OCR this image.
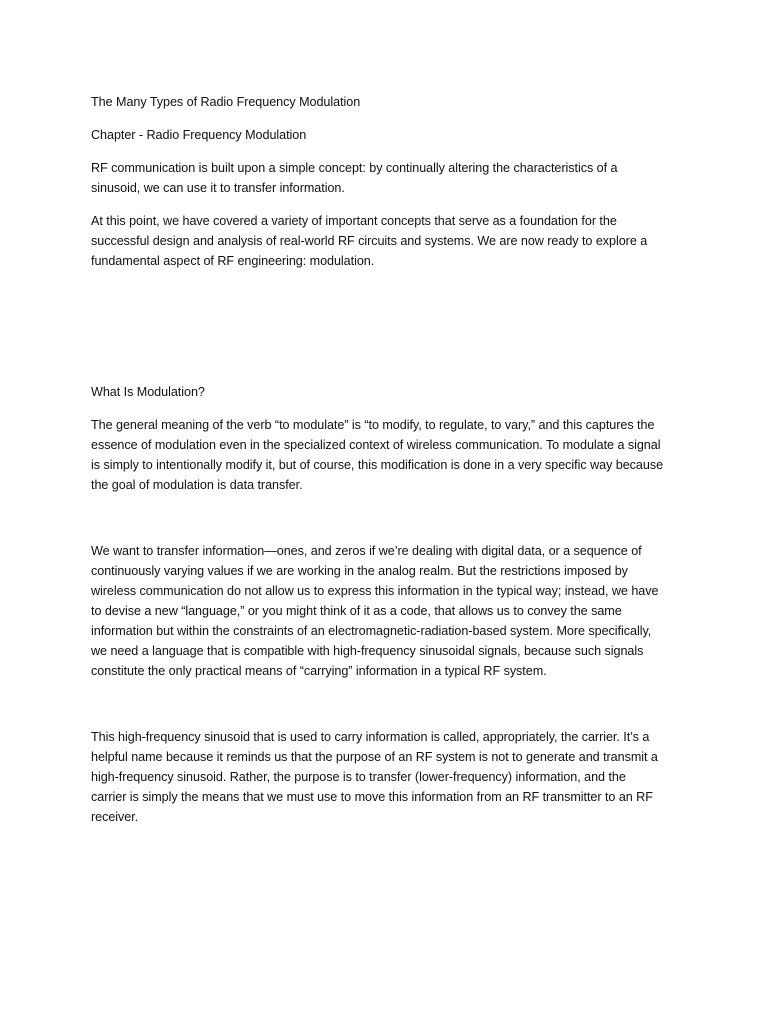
The Many Types of Radio Frequency Modulation

Chapter - Radio Frequency Modulation

RF communication is built upon a simple concept: by continually altering the characteristics of a
sinusoid, we can use it to transfer information.

At this point, we have covered a variety of important concepts that serve as a foundation for the
successful design and analysis of real-world RF circuits and systems. We are now ready to explore a
fundamental aspect of RF engineering: modulation.

What Is Modulation?

The general meaning of the verb “to modulate” is “to modify, to regulate, to vary,” and this captures the
essence of modulation even in the specialized context of wireless communication. To modulate a signal
is simply to intentionally modify it, but of course, this modification is done in a very specific way because
the goal of modulation is data transfer.

We want to transfer information—ones, and zeros if we’re dealing with digital data, or a sequence of
continuously varying values if we are working in the analog realm. But the restrictions imposed by
wireless communication do not allow us to express this information in the typical way; instead, we have
to devise a new “language,” or you might think of it as a code, that allows us to convey the same
information but within the constraints of an electromagnetic-radiation-based system. More specifically,
we need a language that is compatible with high-frequency sinusoidal signals, because such signals
constitute the only practical means of “carrying” information in a typical RF system.

This high-frequency sinusoid that is used to carry information is called, appropriately, the carrier. It’s a
helpful name because it reminds us that the purpose of an RF system is not to generate and transmit a
high-frequency sinusoid. Rather, the purpose is to transfer (lower-frequency) information, and the
carrier is simply the means that we must use to move this information from an RF transmitter to an RF
receiver.
